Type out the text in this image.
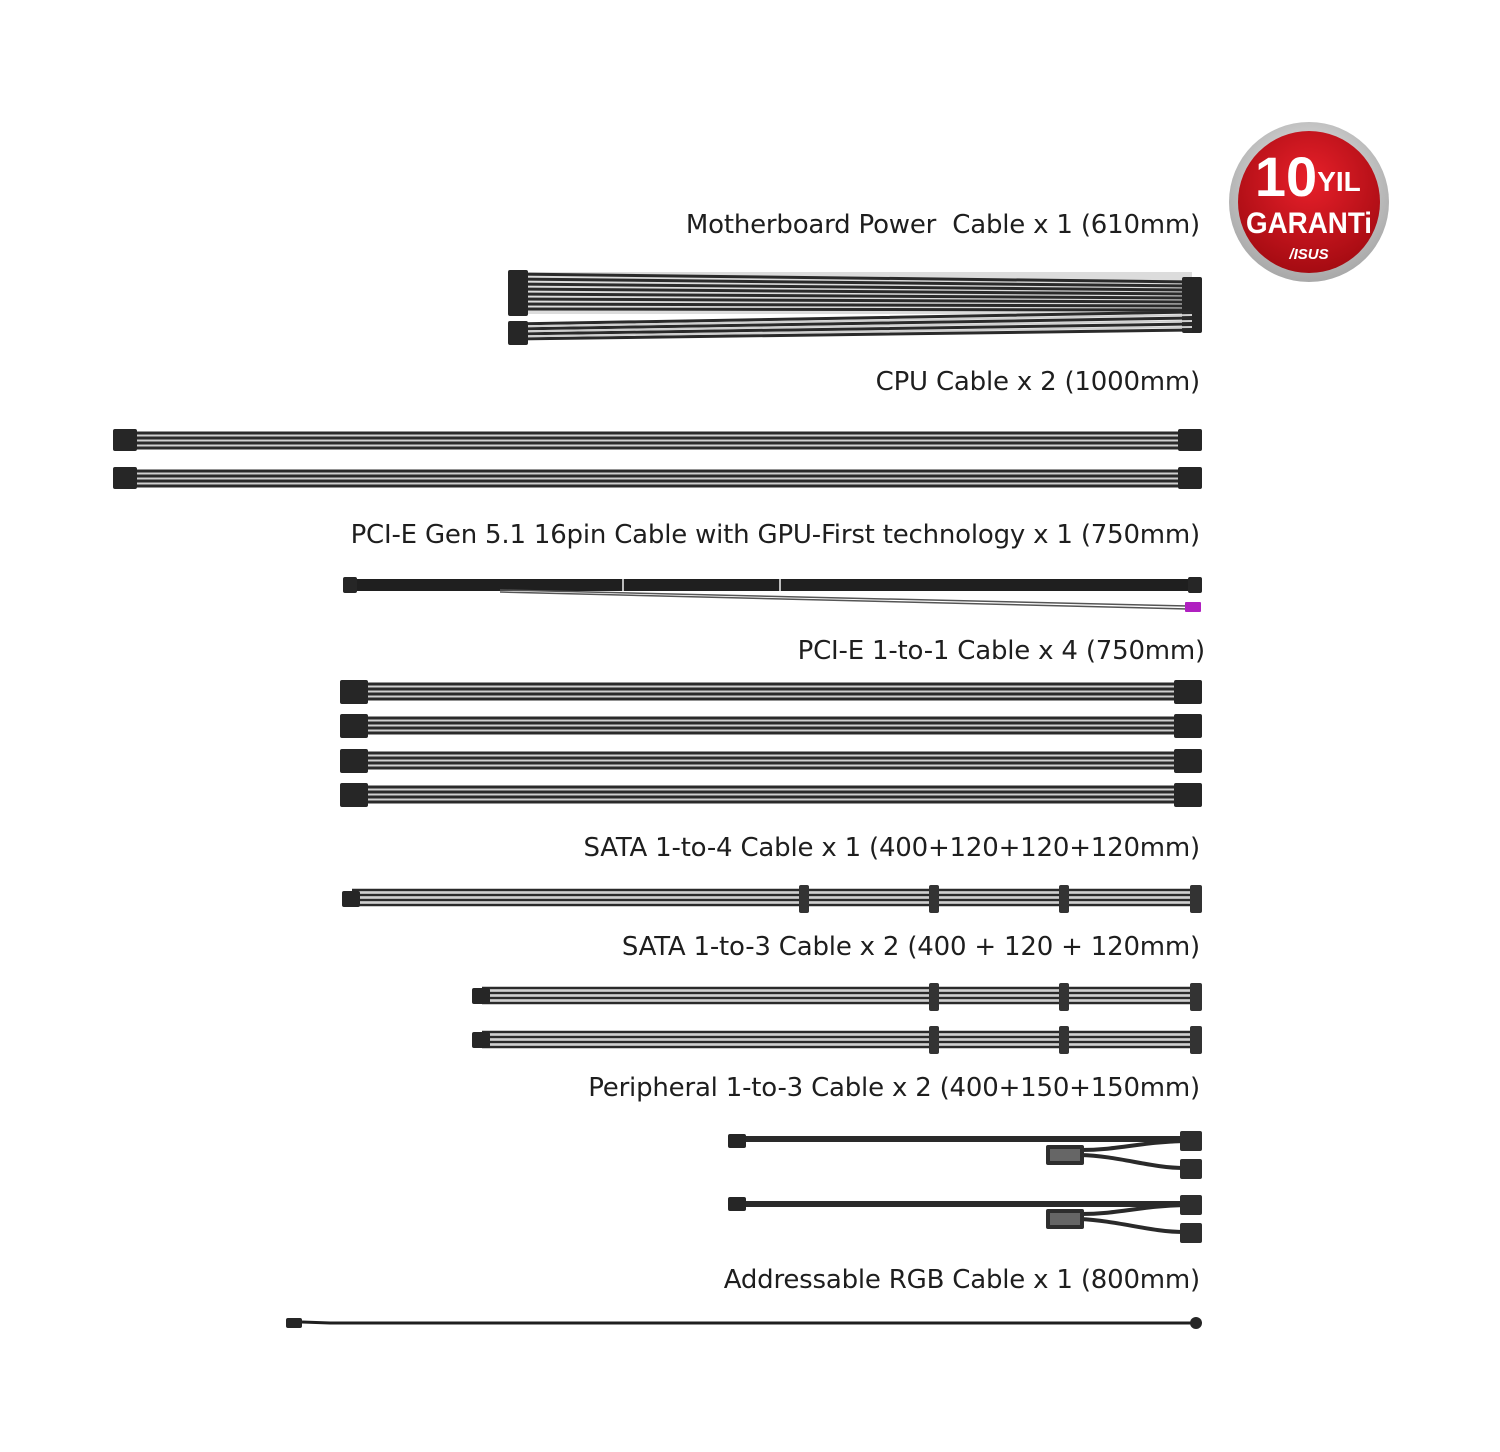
10 YIL
GARANTi
/ISUS
Motherboard Power  Cable x 1 (610mm)
CPU Cable x 2 (1000mm)
PCI-E Gen 5.1 16pin Cable with GPU-First technology x 1 (750mm)
PCI-E 1-to-1 Cable x 4 (750mm)
SATA 1-to-4 Cable x 1 (400+120+120+120mm)
SATA 1-to-3 Cable x 2 (400 + 120 + 120mm)
Peripheral 1-to-3 Cable x 2 (400+150+150mm)
Addressable RGB Cable x 1 (800mm)
